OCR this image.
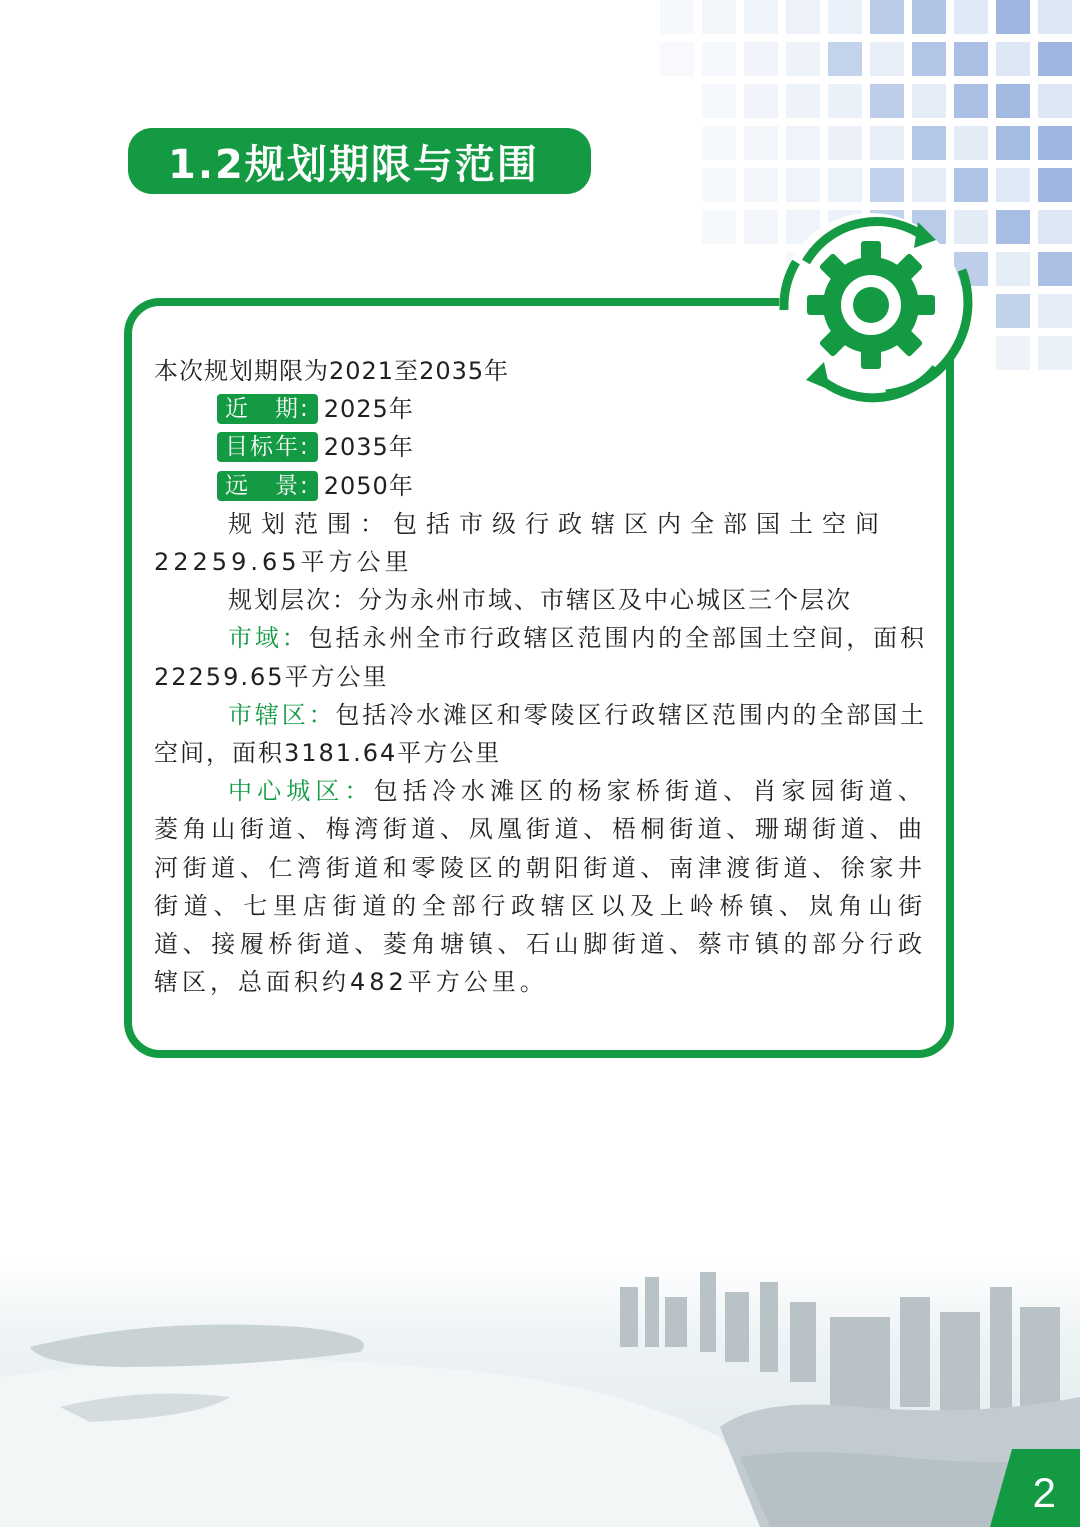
1.2规划期限与范围
本次规划期限为2021至2035年
近　期: 2025年
目标年: 2035年
远　景: 2050年
规划范围：包括市级行政辖区内全部国土空间
22259.65平方公里
规划层次：分为永州市域、市辖区及中心城区三个层次
市域：包括永州全市行政辖区范围内的全部国土空间，面积22259.65平方公里
市辖区：包括冷水滩区和零陵区行政辖区范围内的全部国土空间，面积3181.64平方公里
中心城区：包括冷水滩区的杨家桥街道、肖家园街道、菱角山街道、梅湾街道、凤凰街道、梧桐街道、珊瑚街道、曲河街道、仁湾街道和零陵区的朝阳街道、南津渡街道、徐家井街道、七里店街道的全部行政辖区以及上岭桥镇、岚角山街道、接履桥街道、菱角塘镇、石山脚街道、蔡市镇的部分行政辖区，总面积约482平方公里。
2
